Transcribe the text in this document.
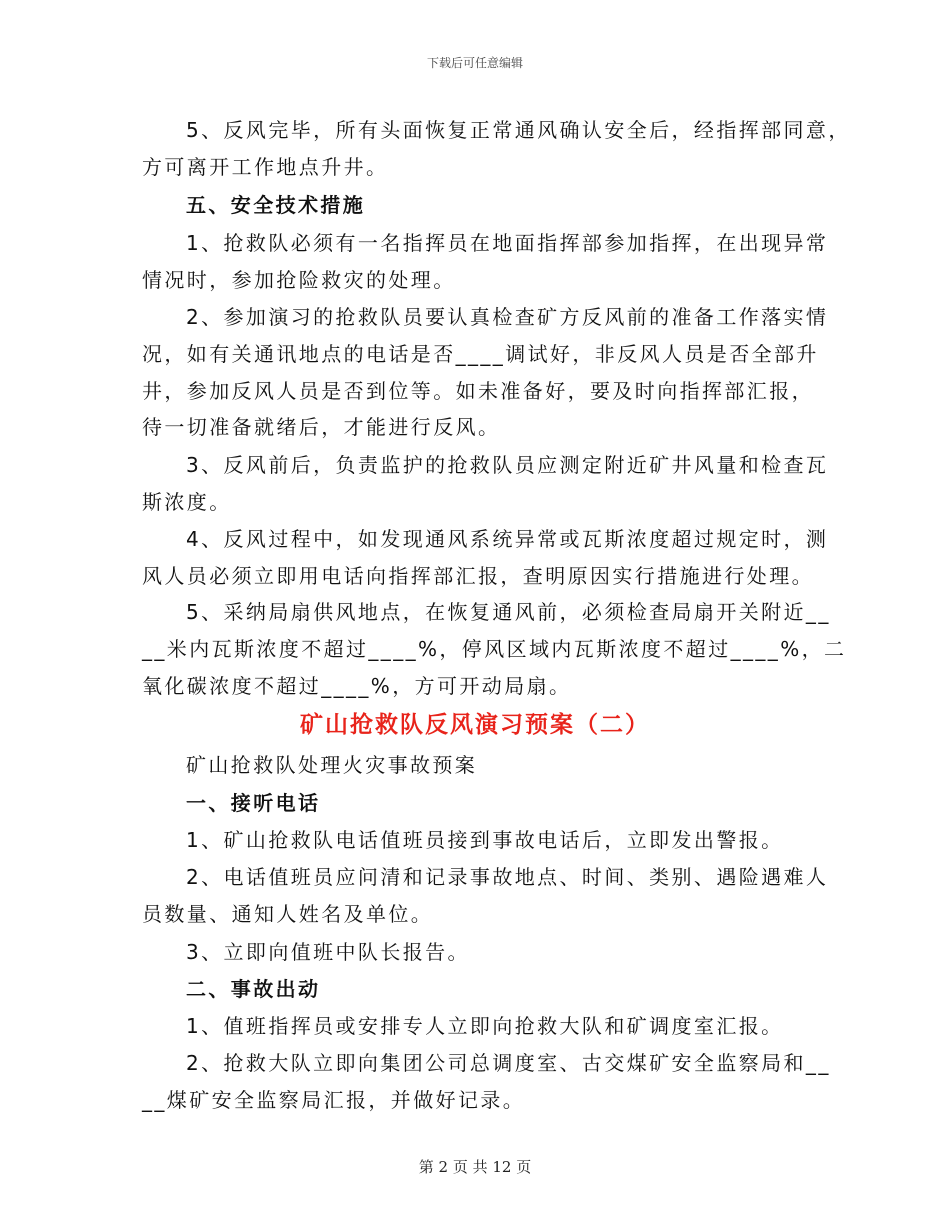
下载后可任意编辑
5、反风完毕，所有头面恢复正常通风确认安全后，经指挥部同意，
方可离开工作地点升井。
五、安全技术措施
1、抢救队必须有一名指挥员在地面指挥部参加指挥，在出现异常
情况时，参加抢险救灾的处理。
2、参加演习的抢救队员要认真检查矿方反风前的准备工作落实情
况，如有关通讯地点的电话是否____调试好，非反风人员是否全部升
井，参加反风人员是否到位等。如未准备好，要及时向指挥部汇报，
待一切准备就绪后，才能进行反风。
3、反风前后，负责监护的抢救队员应测定附近矿井风量和检查瓦
斯浓度。
4、反风过程中，如发现通风系统异常或瓦斯浓度超过规定时，测
风人员必须立即用电话向指挥部汇报，查明原因实行措施进行处理。
5、采纳局扇供风地点，在恢复通风前，必须检查局扇开关附近__
__米内瓦斯浓度不超过____%，停风区域内瓦斯浓度不超过____%，二
氧化碳浓度不超过____%，方可开动局扇。
矿山抢救队反风演习预案（二）
矿山抢救队处理火灾事故预案
一、接听电话
1、矿山抢救队电话值班员接到事故电话后，立即发出警报。
2、电话值班员应问清和记录事故地点、时间、类别、遇险遇难人
员数量、通知人姓名及单位。
3、立即向值班中队长报告。
二、事故出动
1、值班指挥员或安排专人立即向抢救大队和矿调度室汇报。
2、抢救大队立即向集团公司总调度室、古交煤矿安全监察局和__
__煤矿安全监察局汇报，并做好记录。
第 2 页 共 12 页
